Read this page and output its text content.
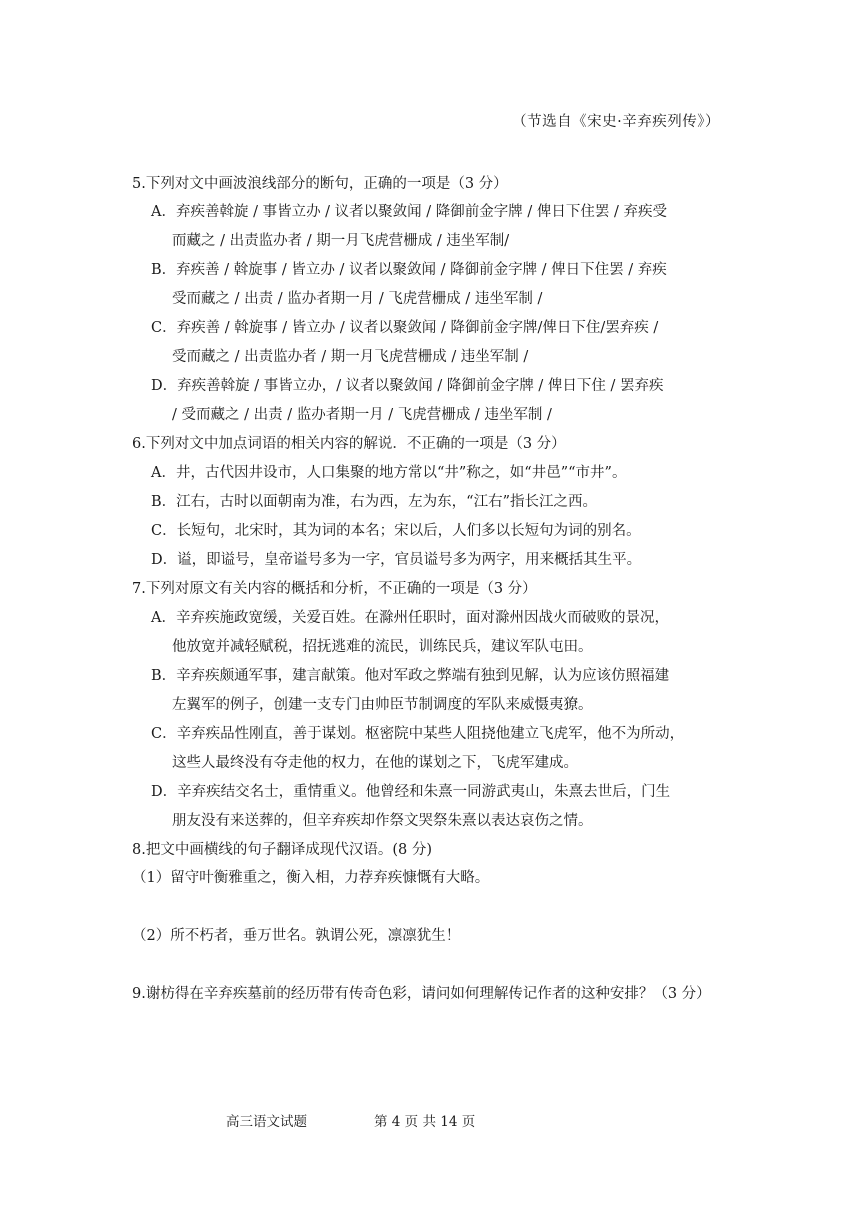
（节选自《宋史·辛弃疾列传》）
5.下列对文中画波浪线部分的断句，正确的一项是（3 分）
A．弃疾善斡旋 / 事皆立办 / 议者以聚敛闻 / 降御前金字牌 / 俾日下住罢 / 弃疾受
而藏之 / 出责监办者 / 期一月飞虎营栅成 / 违坐军制/
B．弃疾善 / 斡旋事 / 皆立办 / 议者以聚敛闻 / 降御前金字牌 / 俾日下住罢 / 弃疾
受而藏之 / 出责 / 监办者期一月 / 飞虎营栅成 / 违坐军制 /
C．弃疾善 / 斡旋事 / 皆立办 / 议者以聚敛闻 / 降御前金字牌/俾日下住/罢弃疾 /
受而藏之 / 出责监办者 / 期一月飞虎营栅成 / 违坐军制 /
D．弃疾善斡旋 / 事皆立办，/ 议者以聚敛闻 / 降御前金字牌 / 俾日下住 / 罢弃疾
/ 受而藏之 / 出责 / 监办者期一月 / 飞虎营栅成 / 违坐军制 /
6.下列对文中加点词语的相关内容的解说．不正确的一项是（3 分）
A．井，古代因井设市，人口集聚的地方常以“井”称之，如“井邑”“市井”。
B．江右，古时以面朝南为准，右为西，左为东，“江右”指长江之西。
C．长短句，北宋时，其为词的本名；宋以后，人们多以长短句为词的别名。
D．谥，即谥号，皇帝谥号多为一字，官员谥号多为两字，用来概括其生平。
7.下列对原文有关内容的概括和分析，不正确的一项是（3 分）
A．辛弃疾施政宽缓，关爱百姓。在滁州任职时，面对滁州因战火而破败的景况，
他放宽并减轻赋税，招抚逃难的流民，训练民兵，建议军队屯田。
B．辛弃疾颇通军事，建言献策。他对军政之弊端有独到见解，认为应该仿照福建
左翼军的例子，创建一支专门由帅臣节制调度的军队来威慑夷獠。
C．辛弃疾品性刚直，善于谋划。枢密院中某些人阻挠他建立飞虎军，他不为所动，
这些人最终没有夺走他的权力，在他的谋划之下，飞虎军建成。
D．辛弃疾结交名士，重情重义。他曾经和朱熹一同游武夷山，朱熹去世后，门生
朋友没有来送葬的，但辛弃疾却作祭文哭祭朱熹以表达哀伤之情。
8.把文中画横线的句子翻译成现代汉语。(8 分)
（1）留守叶衡雅重之，衡入相，力荐弃疾慷慨有大略。
（2）所不朽者，垂万世名。孰谓公死，凛凛犹生！
9.谢枋得在辛弃疾墓前的经历带有传奇色彩，请问如何理解传记作者的这种安排？（3 分）
高三语文试题	第 4 页 共 14 页
